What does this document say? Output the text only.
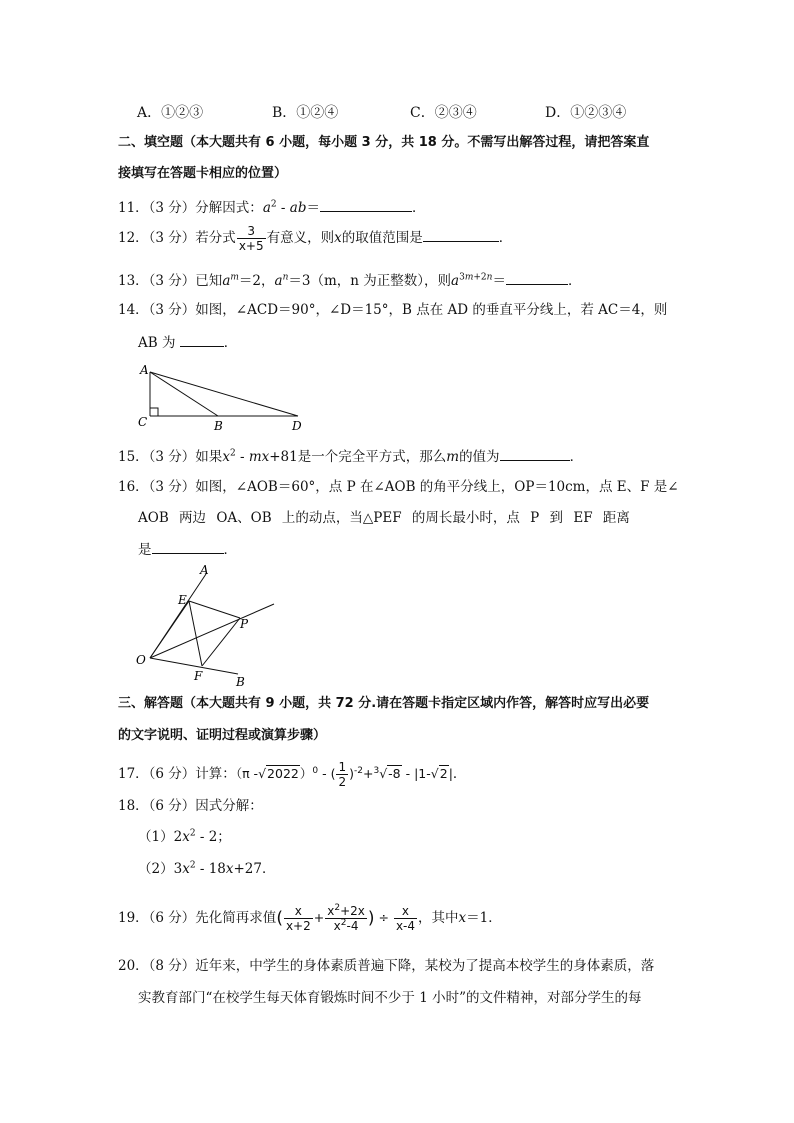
A．①②③	B．①②④	C．②③④	D．①②③④
二、填空题（本大题共有 6 小题，每小题 3 分，共 18 分。不需写出解答过程，请把答案直
接填写在答题卡相应的位置）
11．（3 分）分解因式：$a^2 - ab=$	．
12．（3 分）若分式 $\frac{3}{x+5}$ 有意义，则x的取值范围是	．
13．（3 分）已知$a^m=2$，$a^n=3(m$，n 为正整数），则$a^{3m+2n}=$	．
14．（3 分）如图，∠ACD＝90°，∠D＝15°，B 点在 AD 的垂直平分线上，若 AC＝4，则
AB 为	．
A
C	B	D
15．（3 分）如果$x^2 - mx+81$是一个完全平方式，那么m的值为	．
16．（3 分）如图，∠AOB＝60°，点 P 在∠AOB 的角平分线上，OP＝10cm，点 E、F 是∠
AOB 两边 OA、OB 上的动点，当△PEF 的周长最小时，点 P 到 EF 距离
是	．
A
E
P
O
F	B
三、解答题（本大题共有 9 小题，共 72 分.请在答题卡指定区域内作答，解答时应写出必要
的文字说明、证明过程或演算步骤）
17．（6 分）计算：（π -√2022）$^0$ - ( $\frac{1}{2} )^{-2}+^3√-8 - |1-√2|$．
18．（6 分）因式分解：
$(1)2x^2 - 2$；
$(2)3x^2 - 18x+27$．
19．（6 分）先化简再求值( $\frac{x}{x+2} + \frac{x^2+2x}{x^2-4}$ ) ÷ $\frac{x}{x-4}$ ，其中x＝1．
20．（8 分）近年来，中学生的身体素质普遍下降，某校为了提高本校学生的身体素质，落
实教育部门“在校学生每天体育锻炼时间不少于 1 小时”的文件精神，对部分学生的每
